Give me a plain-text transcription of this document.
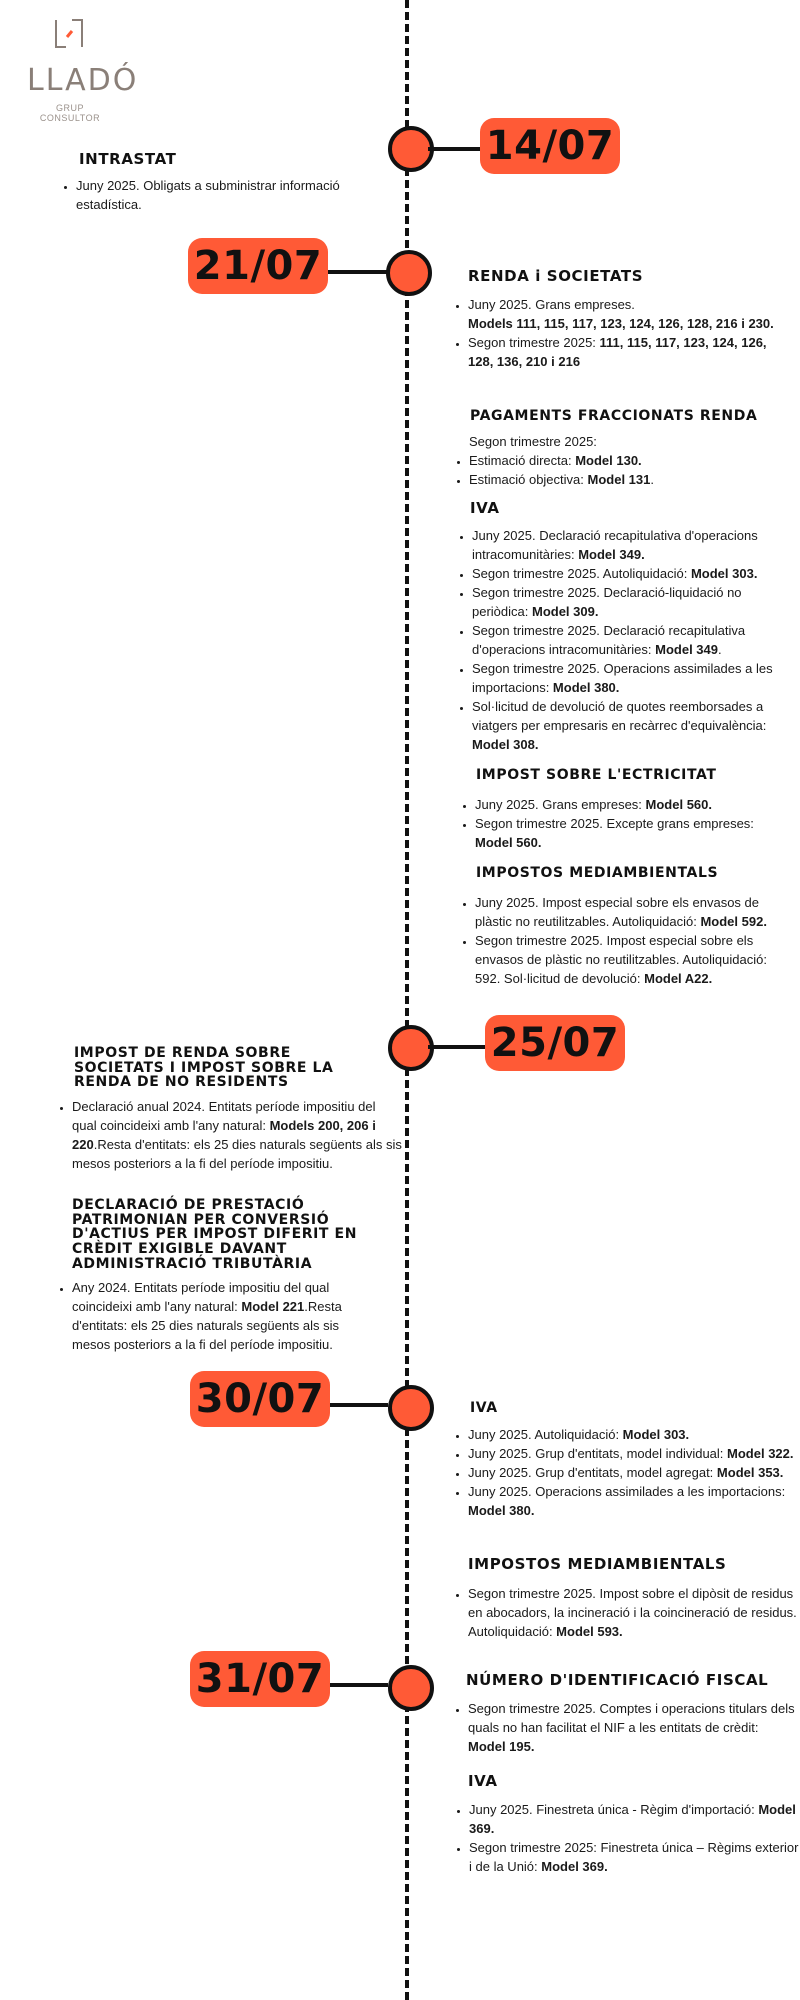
LLADÓ
GRUP CONSULTOR
14/07
INTRASTAT
• Juny 2025. Obligats a subministrar informació estadística.
21/07	RENDA i SOCIETATS
• Juny 2025. Grans empreses.
Models 111, 115, 117, 123, 124, 126, 128, 216 i 230.
• Segon trimestre 2025: 111, 115, 117, 123, 124, 126, 128, 136, 210 i 216
PAGAMENTS FRACCIONATS RENDA
Segon trimestre 2025:
• Estimació directa: Model 130.
• Estimació objectiva: Model 131.
IVA
• Juny 2025. Declaració recapitulativa d'operacions intracomunitàries: Model 349.
• Segon trimestre 2025. Autoliquidació: Model 303.
• Segon trimestre 2025. Declaració-liquidació no periòdica: Model 309.
• Segon trimestre 2025. Declaració recapitulativa d'operacions intracomunitàries: Model 349.
• Segon trimestre 2025. Operacions assimilades a les importacions: Model 380.
• Sol·licitud de devolució de quotes reemborsades a viatgers per empresaris en recàrrec d'equivalència: Model 308.
IMPOST SOBRE L'ECTRICITAT
• Juny 2025. Grans empreses: Model 560.
• Segon trimestre 2025. Excepte grans empreses: Model 560.
IMPOSTOS MEDIAMBIENTALS
• Juny 2025. Impost especial sobre els envasos de plàstic no reutilitzables. Autoliquidació: Model 592.
• Segon trimestre 2025. Impost especial sobre els envasos de plàstic no reutilitzables. Autoliquidació: 592. Sol·licitud de devolució: Model A22.
25/07
IMPOST DE RENDA SOBRE SOCIETATS I IMPOST SOBRE LA RENDA DE NO RESIDENTS
• Declaració anual 2024. Entitats període impositiu del qual coincideixi amb l'any natural: Models 200, 206 i 220.Resta d'entitats: els 25 dies naturals següents als sis mesos posteriors a la fi del període impositiu.
DECLARACIÓ DE PRESTACIÓ PATRIMONIAN PER CONVERSIÓ D'ACTIUS PER IMPOST DIFERIT EN CRÈDIT EXIGIBLE DAVANT ADMINISTRACIÓ TRIBUTÀRIA
• Any 2024. Entitats període impositiu del qual coincideixi amb l'any natural: Model 221.Resta d'entitats: els 25 dies naturals següents als sis mesos posteriors a la fi del període impositiu.
30/07	IVA
• Juny 2025. Autoliquidació: Model 303.
• Juny 2025. Grup d'entitats, model individual: Model 322.
• Juny 2025. Grup d'entitats, model agregat: Model 353.
• Juny 2025. Operacions assimilades a les importacions: Model 380.
IMPOSTOS MEDIAMBIENTALS
• Segon trimestre 2025. Impost sobre el dipòsit de residus en abocadors, la incineració i la coincineració de residus. Autoliquidació: Model 593.
31/07	NÚMERO D'IDENTIFICACIÓ FISCAL
• Segon trimestre 2025. Comptes i operacions titulars dels quals no han facilitat el NIF a les entitats de crèdit: Model 195.
IVA
• Juny 2025. Finestreta única - Règim d'importació: Model 369.
• Segon trimestre 2025: Finestreta única – Règims exterior i de la Unió: Model 369.
